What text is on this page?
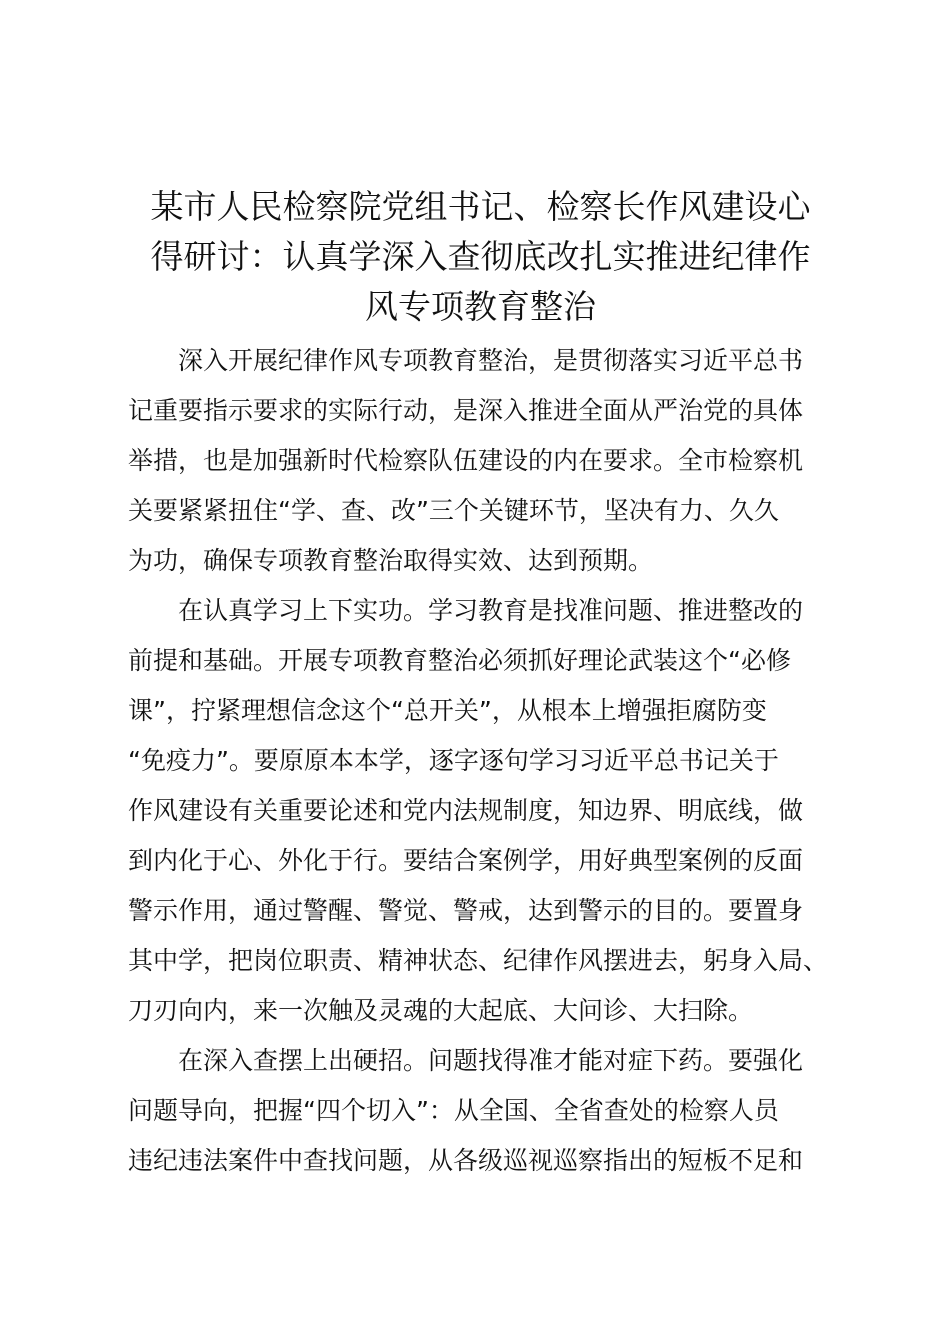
某市人民检察院党组书记、检察长作风建设心
得研讨：认真学深入查彻底改扎实推进纪律作
风专项教育整治

　　深入开展纪律作风专项教育整治，是贯彻落实习近平总书
记重要指示要求的实际行动，是深入推进全面从严治党的具体
举措，也是加强新时代检察队伍建设的内在要求。全市检察机
关要紧紧扭住“学、查、改”三个关键环节，坚决有力、久久
为功，确保专项教育整治取得实效、达到预期。

　　在认真学习上下实功。学习教育是找准问题、推进整改的
前提和基础。开展专项教育整治必须抓好理论武装这个“必修
课”，拧紧理想信念这个“总开关”，从根本上增强拒腐防变
“免疫力”。要原原本本学，逐字逐句学习习近平总书记关于
作风建设有关重要论述和党内法规制度，知边界、明底线，做
到内化于心、外化于行。要结合案例学，用好典型案例的反面
警示作用，通过警醒、警觉、警戒，达到警示的目的。要置身
其中学，把岗位职责、精神状态、纪律作风摆进去，躬身入局、
刀刃向内，来一次触及灵魂的大起底、大问诊、大扫除。

　　在深入查摆上出硬招。问题找得准才能对症下药。要强化
问题导向，把握“四个切入”：从全国、全省查处的检察人员
违纪违法案件中查找问题，从各级巡视巡察指出的短板不足和
